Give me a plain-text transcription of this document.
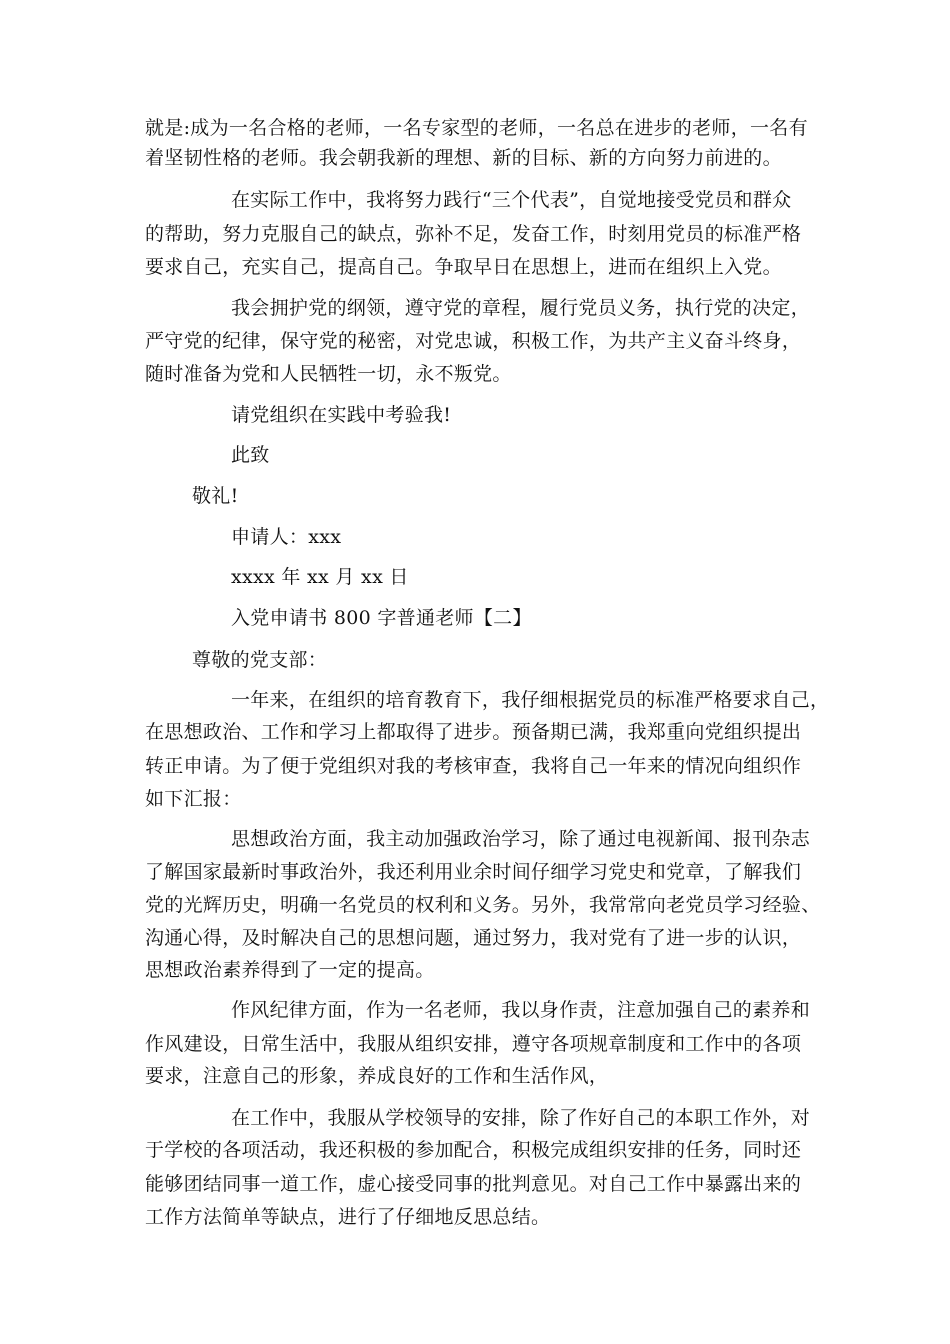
就是:成为一名合格的老师，一名专家型的老师，一名总在进步的老师，一名有
着坚韧性格的老师。我会朝我新的理想、新的目标、新的方向努力前进的。
在实际工作中，我将努力践行“三个代表”，自觉地接受党员和群众
的帮助，努力克服自己的缺点，弥补不足，发奋工作，时刻用党员的标准严格
要求自己，充实自己，提高自己。争取早日在思想上，进而在组织上入党。
我会拥护党的纲领，遵守党的章程，履行党员义务，执行党的决定，
严守党的纪律，保守党的秘密，对党忠诚，积极工作，为共产主义奋斗终身，
随时准备为党和人民牺牲一切，永不叛党。
请党组织在实践中考验我!
此致
敬礼!
申请人：xxx
xxxx 年 xx 月 xx 日
入党申请书 800 字普通老师【二】
尊敬的党支部：
一年来，在组织的培育教育下，我仔细根据党员的标准严格要求自己，
在思想政治、工作和学习上都取得了进步。预备期已满，我郑重向党组织提出
转正申请。为了便于党组织对我的考核审查，我将自己一年来的情况向组织作
如下汇报：
思想政治方面，我主动加强政治学习，除了通过电视新闻、报刊杂志
了解国家最新时事政治外，我还利用业余时间仔细学习党史和党章，了解我们
党的光辉历史，明确一名党员的权利和义务。另外，我常常向老党员学习经验、
沟通心得，及时解决自己的思想问题，通过努力，我对党有了进一步的认识，
思想政治素养得到了一定的提高。
作风纪律方面，作为一名老师，我以身作责，注意加强自己的素养和
作风建设，日常生活中，我服从组织安排，遵守各项规章制度和工作中的各项
要求，注意自己的形象，养成良好的工作和生活作风，
在工作中，我服从学校领导的安排，除了作好自己的本职工作外，对
于学校的各项活动，我还积极的参加配合，积极完成组织安排的任务，同时还
能够团结同事一道工作，虚心接受同事的批判意见。对自己工作中暴露出来的
工作方法简单等缺点，进行了仔细地反思总结。
